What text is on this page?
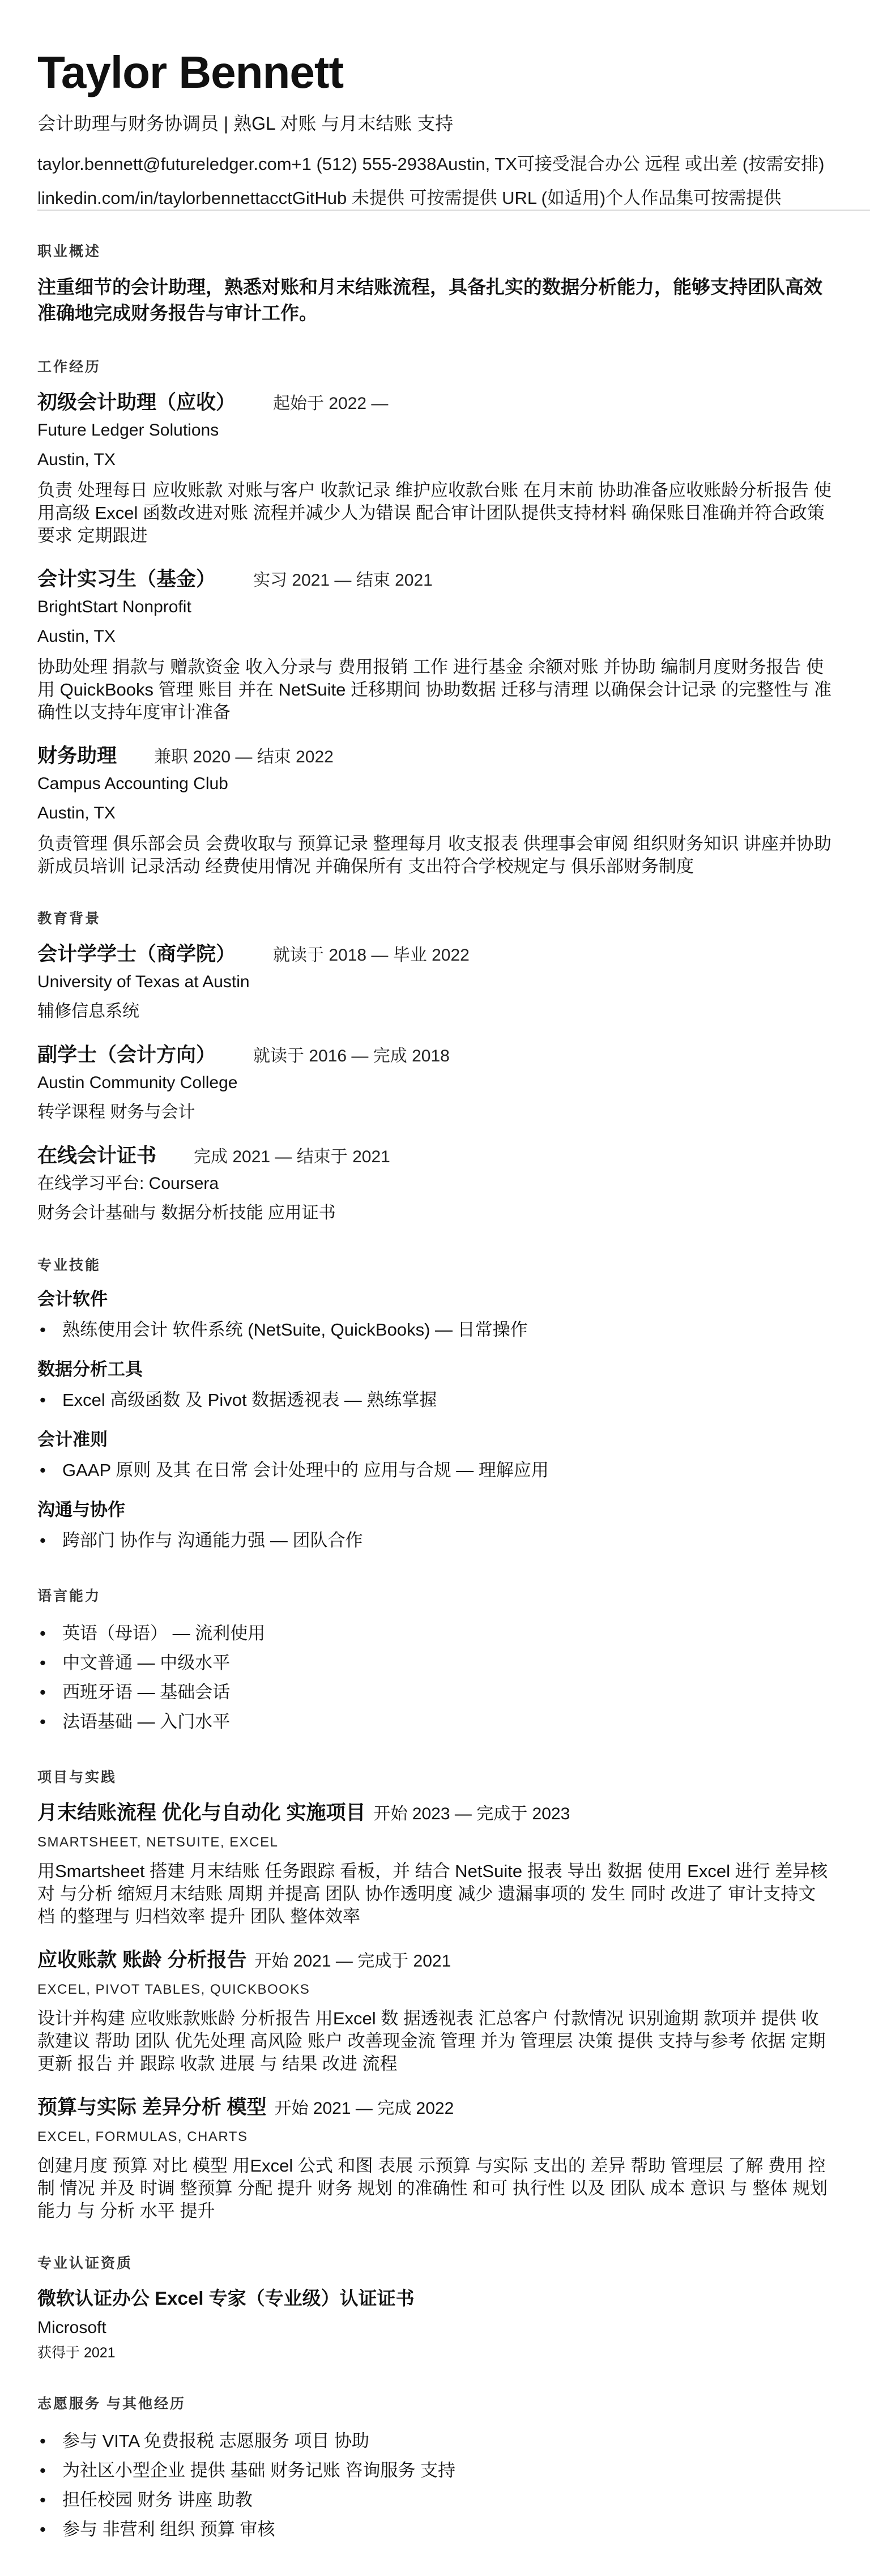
Taylor Bennett
会计助理与财务协调员 | 熟GL 对账 与月末结账 支持
taylor.bennett@futureledger.com+1 (512) 555-2938Austin, TX可接受混合办公 远程 或出差 (按需安排)
linkedin.com/in/taylorbennettacctGitHub 未提供 可按需提供 URL (如适用)个人作品集可按需提供
职业概述

注重细节的会计助理，熟悉对账和月末结账流程，具备扎实的数据分析能力，能够支持团队高效准确地完成财务报告与审计工作。

工作经历
初级会计助理（应收） 起始于 2022 —
Future Ledger Solutions
Austin, TX
负责 处理每日 应收账款 对账与客户 收款记录 维护应收款台账 在月末前 协助准备应收账龄分析报告 使用高级 Excel 函数改进对账 流程并减少人为错误 配合审计团队提供支持材料 确保账目准确并符合政策要求 定期跟进
会计实习生（基金） 实习 2021 — 结束 2021
BrightStart Nonprofit
Austin, TX
协助处理 捐款与 赠款资金 收入分录与 费用报销 工作 进行基金 余额对账 并协助 编制月度财务报告 使用 QuickBooks 管理 账目 并在 NetSuite 迁移期间 协助数据 迁移与清理 以确保会计记录 的完整性与 准确性以支持年度审计准备
财务助理 兼职 2020 — 结束 2022
Campus Accounting Club
Austin, TX
负责管理 俱乐部会员 会费收取与 预算记录 整理每月 收支报表 供理事会审阅 组织财务知识 讲座并协助 新成员培训 记录活动 经费使用情况 并确保所有 支出符合学校规定与 俱乐部财务制度
教育背景
会计学学士（商学院） 就读于 2018 — 毕业 2022
University of Texas at Austin
辅修信息系统
副学士（会计方向） 就读于 2016 — 完成 2018
Austin Community College
转学课程 财务与会计
在线会计证书 完成 2021 — 结束于 2021
在线学习平台: Coursera
财务会计基础与 数据分析技能 应用证书
专业技能
会计软件
• 熟练使用会计 软件系统 (NetSuite, QuickBooks) — 日常操作
数据分析工具
• Excel 高级函数 及 Pivot 数据透视表 — 熟练掌握
会计准则
• GAAP 原则 及其 在日常 会计处理中的 应用与合规 — 理解应用
沟通与协作
• 跨部门 协作与 沟通能力强 — 团队合作
语言能力
• 英语（母语） — 流利使用
• 中文普通 — 中级水平
• 西班牙语 — 基础会话
• 法语基础 — 入门水平
项目与实践
月末结账流程 优化与自动化 实施项目 开始 2023 — 完成于 2023
SMARTSHEET, NETSUITE, EXCEL
用Smartsheet 搭建 月末结账 任务跟踪 看板，并 结合 NetSuite 报表 导出 数据 使用 Excel 进行 差异核对 与分析 缩短月末结账 周期 并提高 团队 协作透明度 减少 遗漏事项的 发生 同时 改进了 审计支持文档 的整理与 归档效率 提升 团队 整体效率
应收账款 账龄 分析报告 开始 2021 — 完成于 2021
EXCEL, PIVOT TABLES, QUICKBOOKS
设计并构建 应收账款账龄 分析报告 用Excel 数 据透视表 汇总客户 付款情况 识别逾期 款项并 提供 收款建议 帮助 团队 优先处理 高风险 账户 改善现金流 管理 并为 管理层 决策 提供 支持与参考 依据 定期 更新 报告 并 跟踪 收款 进展 与 结果 改进 流程
预算与实际 差异分析 模型 开始 2021 — 完成 2022
EXCEL, FORMULAS, CHARTS
创建月度 预算 对比 模型 用Excel 公式 和图 表展 示预算 与实际 支出的 差异 帮助 管理层 了解 费用 控制 情况 并及 时调 整预算 分配 提升 财务 规划 的准确性 和可 执行性 以及 团队 成本 意识 与 整体 规划 能力 与 分析 水平 提升
专业认证资质
微软认证办公 Excel 专家（专业级）认证证书
Microsoft
获得于 2021
志愿服务 与其他经历
• 参与 VITA 免费报税 志愿服务 项目 协助
• 为社区小型企业 提供 基础 财务记账 咨询服务 支持
• 担任校园 财务 讲座 助教
• 参与 非营利 组织 预算 审核
